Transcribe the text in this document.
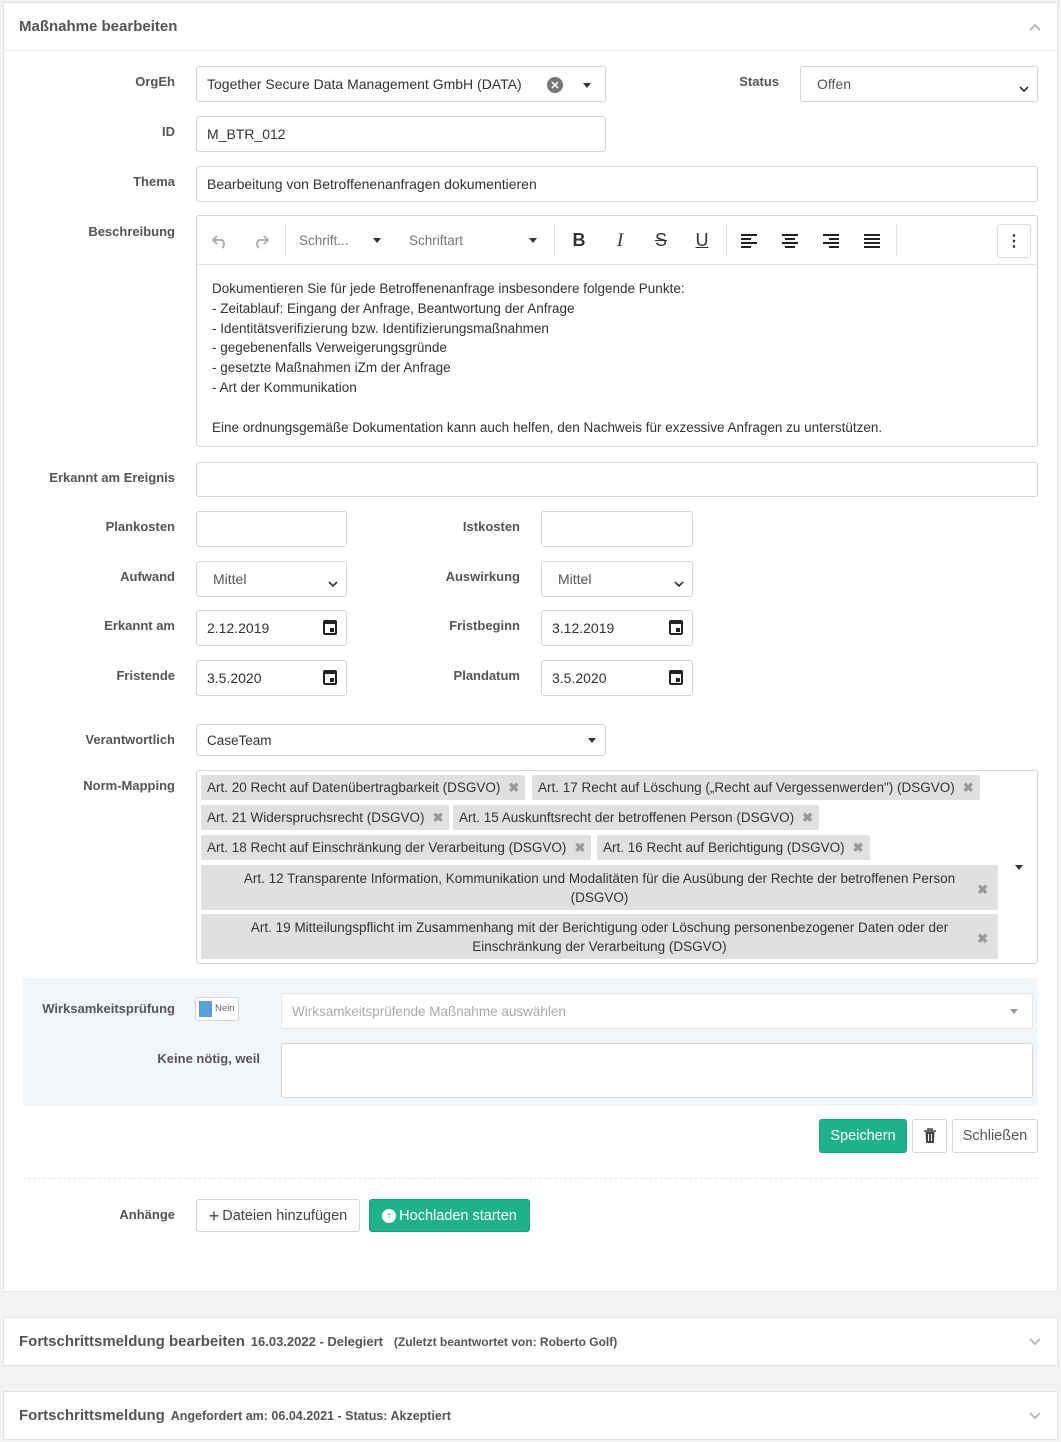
Maßnahme bearbeiten
OrgEh Together Secure Data Management GmbH (DATA)	✕	Status	Offen
ID M_BTR_012
Thema Bearbeitung von Betroffenenanfragen dokumentieren
Beschreibung
Schrift...	Schriftart	B	I	S	U	⋮
Dokumentieren Sie für jede Betroffenenanfrage insbesondere folgende Punkte:
- Zeitablauf: Eingang der Anfrage, Beantwortung der Anfrage
- Identitätsverifizierung bzw. Identifizierungsmaßnahmen
- gegebenenfalls Verweigerungsgründe
- gesetzte Maßnahmen iZm der Anfrage
- Art der Kommunikation
Eine ordnungsgemäße Dokumentation kann auch helfen, den Nachweis für exzessive Anfragen zu unterstützen.
Erkannt am Ereignis
Plankosten	Istkosten
Aufwand	Mittel	Auswirkung	Mittel
Erkannt am 2.12.2019	Fristbeginn 3.12.2019
Fristende 3.5.2020	Plandatum 3.5.2020
Verantwortlich CaseTeam
Norm-Mapping Art. 20 Recht auf Datenübertragbarkeit (DSGVO) ✖ Art. 17 Recht auf Löschung („Recht auf Vergessenwerden") (DSGVO) ✖
Art. 21 Widerspruchsrecht (DSGVO) ✖ Art. 15 Auskunftsrecht der betroffenen Person (DSGVO) ✖
Art. 18 Recht auf Einschränkung der Verarbeitung (DSGVO) ✖ Art. 16 Recht auf Berichtigung (DSGVO) ✖
Art. 12 Transparente Information, Kommunikation und Modalitäten für die Ausübung der Rechte der betroffenen Person (DSGVO)
✖
Art. 19 Mitteilungspflicht im Zusammenhang mit der Berichtigung oder Löschung personenbezogener Daten oder der Einschränkung der Verarbeitung (DSGVO)
✖
Wirksamkeitsprüfung	Nein	Wirksamkeitsprüfende Maßnahme auswählen
Keine nötig, weil
Speichern	Schließen
Anhänge + Dateien hinzufügen	↑ Hochladen starten
Fortschrittsmeldung bearbeiten 16.03.2022 - Delegiert (Zuletzt beantwortet von: Roberto Golf)
Fortschrittsmeldung Angefordert am: 06.04.2021 - Status: Akzeptiert
